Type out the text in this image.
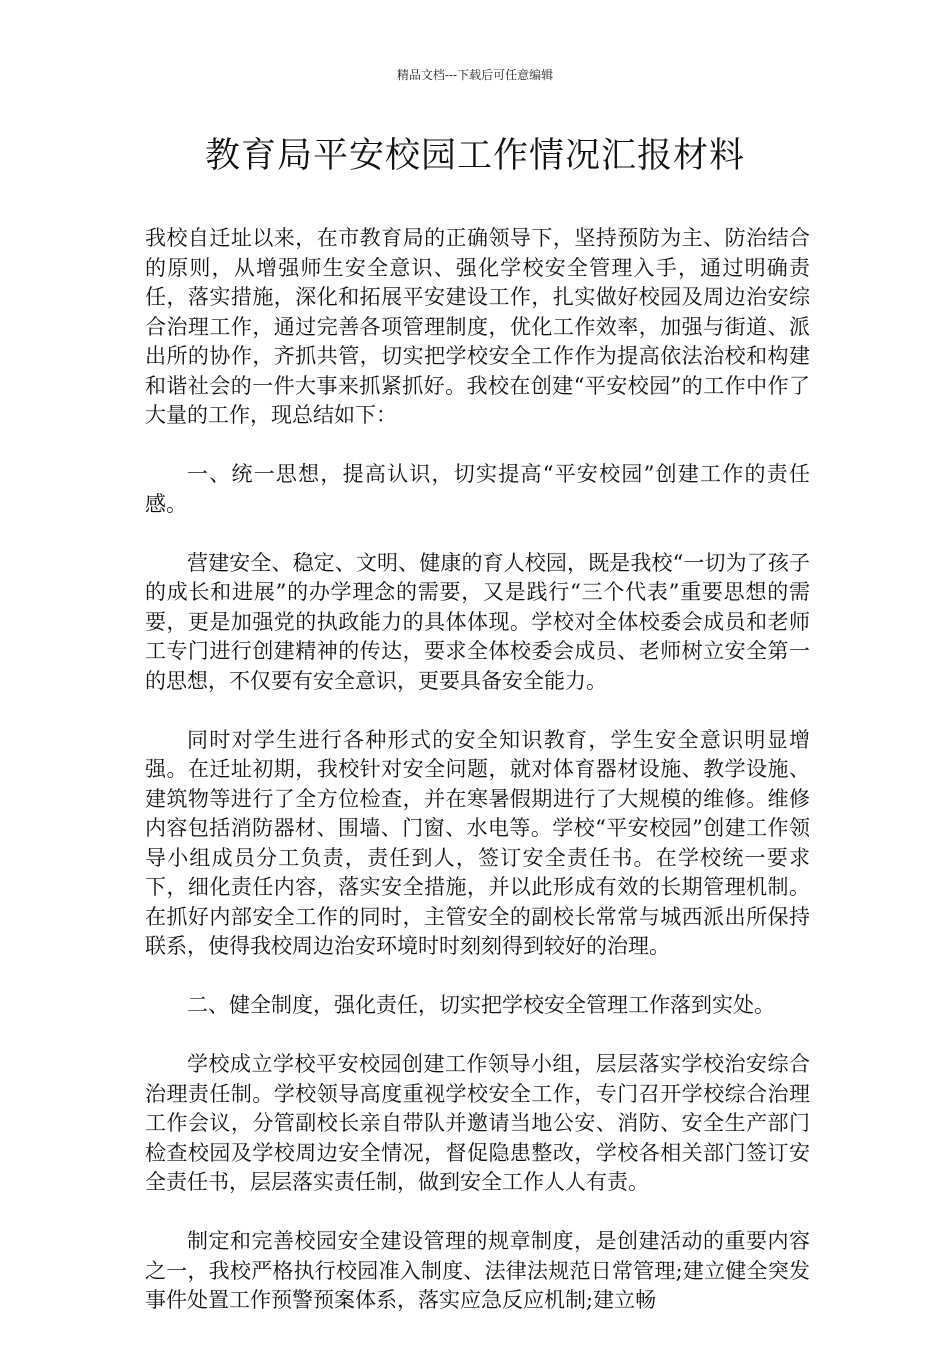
精品文档---下载后可任意编辑
教育局平安校园工作情况汇报材料

我校自迁址以来，在市教育局的正确领导下，坚持预防为主、防治结合的原则，从增强师生安全意识、强化学校安全管理入手，通过明确责任，落实措施，深化和拓展平安建设工作，扎实做好校园及周边治安综合治理工作，通过完善各项管理制度，优化工作效率，加强与街道、派出所的协作，齐抓共管，切实把学校安全工作作为提高依法治校和构建和谐社会的一件大事来抓紧抓好。我校在创建“平安校园”的工作中作了大量的工作，现总结如下：

一、统一思想，提高认识，切实提高“平安校园”创建工作的责任感。

营建安全、稳定、文明、健康的育人校园，既是我校“一切为了孩子的成长和进展”的办学理念的需要，又是践行“三个代表”重要思想的需要，更是加强党的执政能力的具体体现。学校对全体校委会成员和老师工专门进行创建精神的传达，要求全体校委会成员、老师树立安全第一的思想，不仅要有安全意识，更要具备安全能力。

同时对学生进行各种形式的安全知识教育，学生安全意识明显增强。在迁址初期，我校针对安全问题，就对体育器材设施、教学设施、建筑物等进行了全方位检查，并在寒暑假期进行了大规模的维修。维修内容包括消防器材、围墙、门窗、水电等。学校“平安校园”创建工作领导小组成员分工负责，责任到人，签订安全责任书。在学校统一要求下，细化责任内容，落实安全措施，并以此形成有效的长期管理机制。在抓好内部安全工作的同时，主管安全的副校长常常与城西派出所保持联系，使得我校周边治安环境时时刻刻得到较好的治理。

二、健全制度，强化责任，切实把学校安全管理工作落到实处。

学校成立学校平安校园创建工作领导小组，层层落实学校治安综合治理责任制。学校领导高度重视学校安全工作，专门召开学校综合治理工作会议，分管副校长亲自带队并邀请当地公安、消防、安全生产部门检查校园及学校周边安全情况，督促隐患整改，学校各相关部门签订安全责任书，层层落实责任制，做到安全工作人人有责。

制定和完善校园安全建设管理的规章制度，是创建活动的重要内容之一，我校严格执行校园准入制度、法律法规范日常管理;建立健全突发事件处置工作预警预案体系，落实应急反应机制;建立畅
